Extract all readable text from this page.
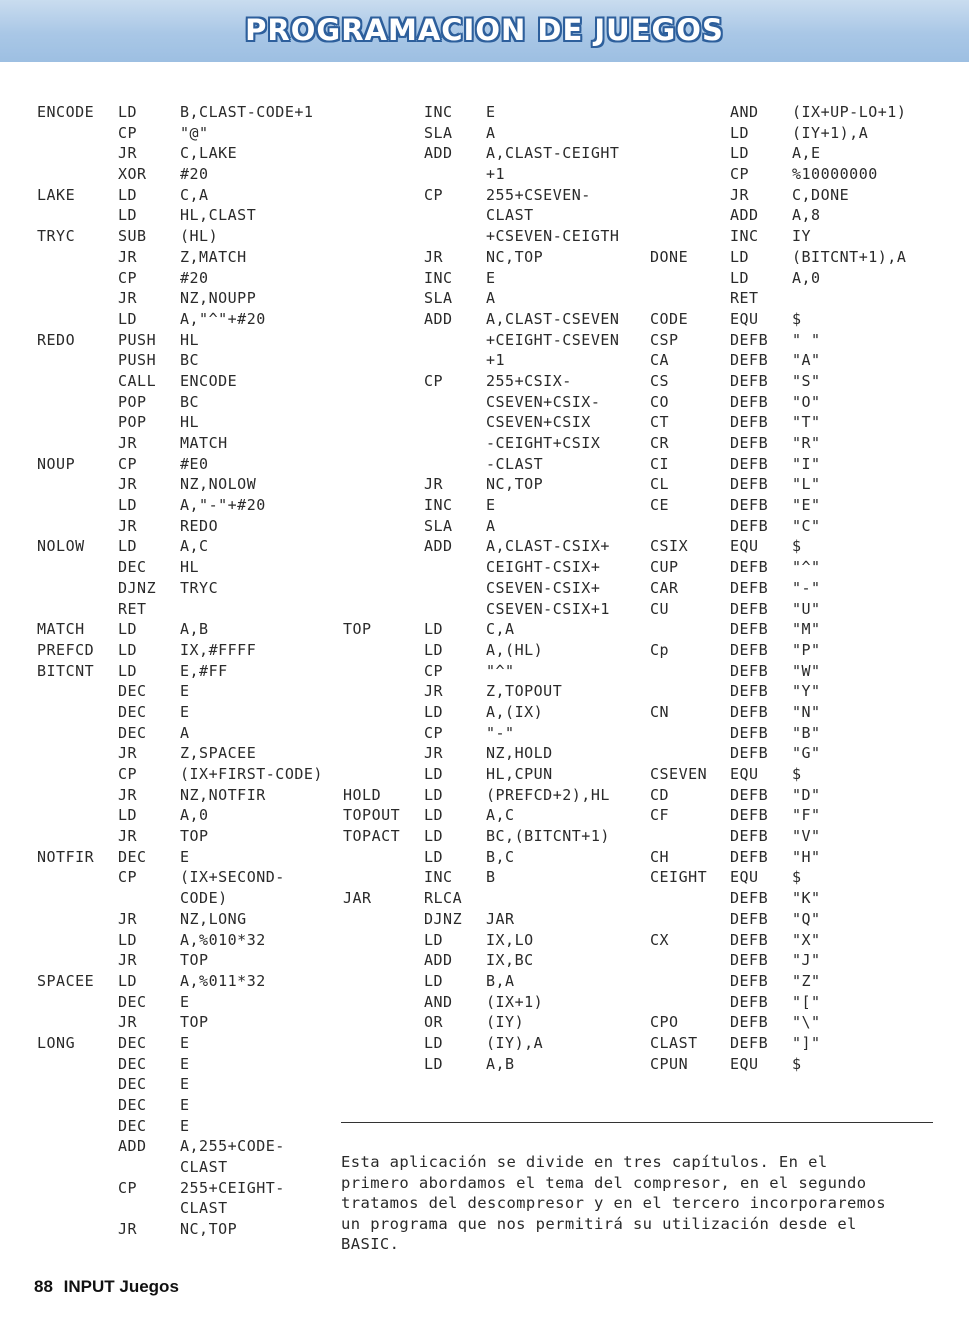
PROGRAMACION DE JUEGOS
ENCODE LD	B,CLAST-CODE+1
CP	"@"
JR	C,LAKE
XOR #20
LAKE	LD	C,A
LD	HL,CLAST
TRYC	SUB (HL)
JR	Z,MATCH
CP	#20
JR	NZ,NOUPP
LD	A,"^"+#20
REDO	PUSH HL
PUSH BC
CALL ENCODE
POP BC
POP HL
JR	MATCH
NOUP	CP	#E0
JR	NZ,NOLOW
LD	A,"-"+#20
JR	REDO
NOLOW LD	A,C
DEC HL
DJNZ TRYC
RET
MATCH LD	A,B
PREFCD LD	IX,#FFFF
BITCNT LD	E,#FF
DEC E
DEC E
DEC A
JR	Z,SPACEE
CP	(IX+FIRST-CODE)
JR	NZ,NOTFIR
LD	A,0
JR	TOP
NOTFIR DEC E
CP	(IX+SECOND-
CODE)
JR	NZ,LONG
LD	A,%010*32
JR	TOP
SPACEE LD	A,%011*32
DEC E
JR	TOP
LONG	DEC E
DEC E
DEC E
DEC E
DEC E
ADD A,255+CODE-
CLAST
CP	255+CEIGHT-
CLAST
JR	NC,TOP
INC E
SLA A
ADD A,CLAST-CEIGHT
+1
CP	255+CSEVEN-
CLAST
+CSEVEN-CEIGTH
JR	NC,TOP
INC E
SLA A
ADD A,CLAST-CSEVEN
+CEIGHT-CSEVEN
+1
CP	255+CSIX-
CSEVEN+CSIX-
CSEVEN+CSIX
-CEIGHT+CSIX
-CLAST
JR	NC,TOP
INC E
SLA A
ADD A,CLAST-CSIX+
CEIGHT-CSIX+
CSEVEN-CSIX+
CSEVEN-CSIX+1
TOP	LD	C,A
LD	A,(HL)
CP	"^"
JR	Z,TOPOUT
LD	A,(IX)
CP	"-"
JR	NZ,HOLD
LD	HL,CPUN
HOLD	LD	(PREFCD+2),HL
TOPOUT LD	A,C
TOPACT LD	BC,(BITCNT+1)
LD	B,C
INC B
JAR	RLCA
DJNZ JAR
LD	IX,LO
ADD IX,BC
LD	B,A
AND (IX+1)
OR	(IY)
LD	(IY),A
LD	A,B
AND (IX+UP-LO+1)
LD	(IY+1),A
LD	A,E
CP	%10000000
JR	C,DONE
ADD A,8
INC IY
DONE	LD	(BITCNT+1),A
LD	A,0
RET
CODE	EQU $
CSP	DEFB " "
CA	DEFB "A"
CS	DEFB "S"
CO	DEFB "O"
CT	DEFB "T"
CR	DEFB "R"
CI	DEFB "I"
CL	DEFB "L"
CE	DEFB "E"
DEFB "C"
CSIX	EQU $
CUP	DEFB "^"
CAR	DEFB "-"
CU	DEFB "U"
DEFB "M"
Cp	DEFB "P"
DEFB "W"
DEFB "Y"
CN	DEFB "N"
DEFB "B"
DEFB "G"
CSEVEN EQU $
CD	DEFB "D"
CF	DEFB "F"
DEFB "V"
CH	DEFB "H"
CEIGHT EQU $
DEFB "K"
DEFB "Q"
CX	DEFB "X"
DEFB "J"
DEFB "Z"
DEFB "["
CPO	DEFB "\"
CLAST DEFB "]"
CPUN	EQU $
Esta aplicación se divide en tres capítulos. En el
primero abordamos el tema del compresor, en el segundo
tratamos del descompresor y en el tercero incorporaremos
un programa que nos permitirá su utilización desde el
BASIC.
88 INPUT Juegos
